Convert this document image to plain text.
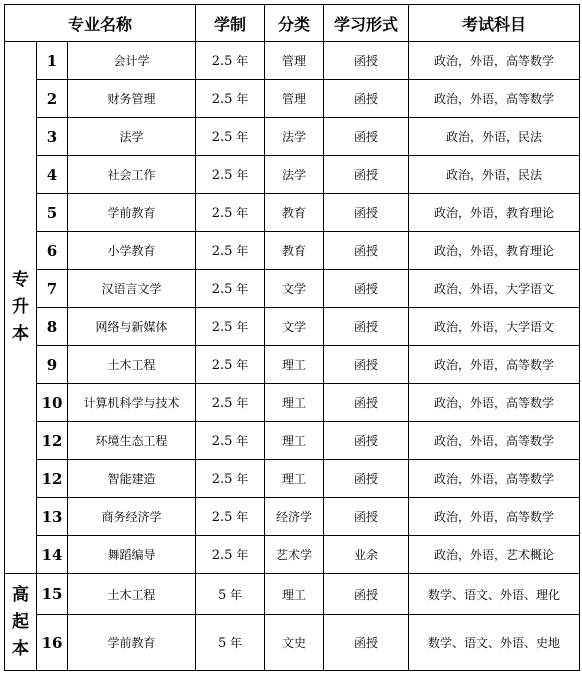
专业名称			学制	分类	学习形式	考试科目

专
升
本	1	会计学	2.5 年	管理	函授	政治，外语，高等数学
	2	财务管理	2.5 年	管理	函授	政治，外语，高等数学
	3	法学	2.5 年	法学	函授	政治，外语，民法
	4	社会工作	2.5 年	法学	函授	政治，外语，民法
	5	学前教育	2.5 年	教育	函授	政治，外语，教育理论
	6	小学教育	2.5 年	教育	函授	政治，外语，教育理论
	7	汉语言文学	2.5 年	文学	函授	政治，外语，大学语文
	8	网络与新媒体	2.5 年	文学	函授	政治，外语，大学语文
	9	土木工程	2.5 年	理工	函授	政治，外语，高等数学
	10	计算机科学与技术	2.5 年	理工	函授	政治，外语，高等数学
	12	环境生态工程	2.5 年	理工	函授	政治，外语，高等数学
	12	智能建造	2.5 年	理工	函授	政治，外语，高等数学
	13	商务经济学	2.5 年	经济学	函授	政治，外语，高等数学
	14	舞蹈编导	2.5 年	艺术学	业余	政治，外语，艺术概论

高
起
本	15	土木工程	5 年	理工	函授	数学、语文、外语、理化
	16	学前教育	5 年	文史	函授	数学、语文、外语、史地
